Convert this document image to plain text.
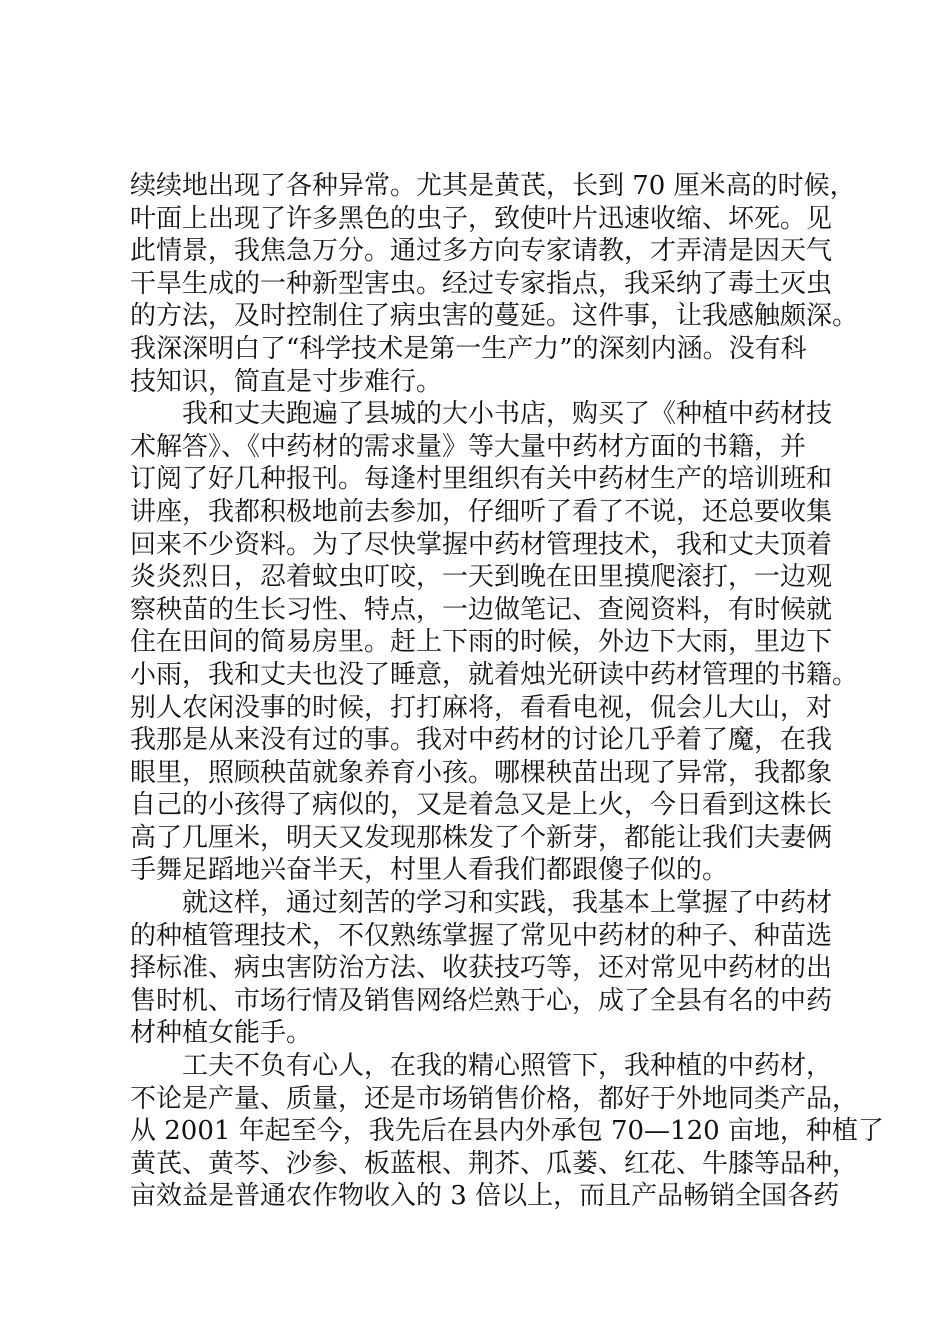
续续地出现了各种异常。尤其是黄芪，长到 70 厘米高的时候，
叶面上出现了许多黑色的虫子，致使叶片迅速收缩、坏死。见
此情景，我焦急万分。通过多方向专家请教，才弄清是因天气
干旱生成的一种新型害虫。经过专家指点，我采纳了毒土灭虫
的方法，及时控制住了病虫害的蔓延。这件事，让我感触颇深。
我深深明白了“科学技术是第一生产力”的深刻内涵。没有科
技知识，简直是寸步难行。
我和丈夫跑遍了县城的大小书店，购买了《种植中药材技
术解答》、《中药材的需求量》等大量中药材方面的书籍，并
订阅了好几种报刊。每逢村里组织有关中药材生产的培训班和
讲座，我都积极地前去参加，仔细听了看了不说，还总要收集
回来不少资料。为了尽快掌握中药材管理技术，我和丈夫顶着
炎炎烈日，忍着蚊虫叮咬，一天到晚在田里摸爬滚打，一边观
察秧苗的生长习性、特点，一边做笔记、查阅资料，有时候就
住在田间的简易房里。赶上下雨的时候，外边下大雨，里边下
小雨，我和丈夫也没了睡意，就着烛光研读中药材管理的书籍。
别人农闲没事的时候，打打麻将，看看电视，侃会儿大山，对
我那是从来没有过的事。我对中药材的讨论几乎着了魔，在我
眼里，照顾秧苗就象养育小孩。哪棵秧苗出现了异常，我都象
自己的小孩得了病似的，又是着急又是上火，今日看到这株长
高了几厘米，明天又发现那株发了个新芽，都能让我们夫妻俩
手舞足蹈地兴奋半天，村里人看我们都跟傻子似的。
就这样，通过刻苦的学习和实践，我基本上掌握了中药材
的种植管理技术，不仅熟练掌握了常见中药材的种子、种苗选
择标准、病虫害防治方法、收获技巧等，还对常见中药材的出
售时机、市场行情及销售网络烂熟于心，成了全县有名的中药
材种植女能手。
工夫不负有心人，在我的精心照管下，我种植的中药材，
不论是产量、质量，还是市场销售价格，都好于外地同类产品，
从 2001 年起至今，我先后在县内外承包 70—120 亩地，种植了
黄芪、黄芩、沙参、板蓝根、荆芥、瓜蒌、红花、牛膝等品种，
亩效益是普通农作物收入的 3 倍以上，而且产品畅销全国各药
